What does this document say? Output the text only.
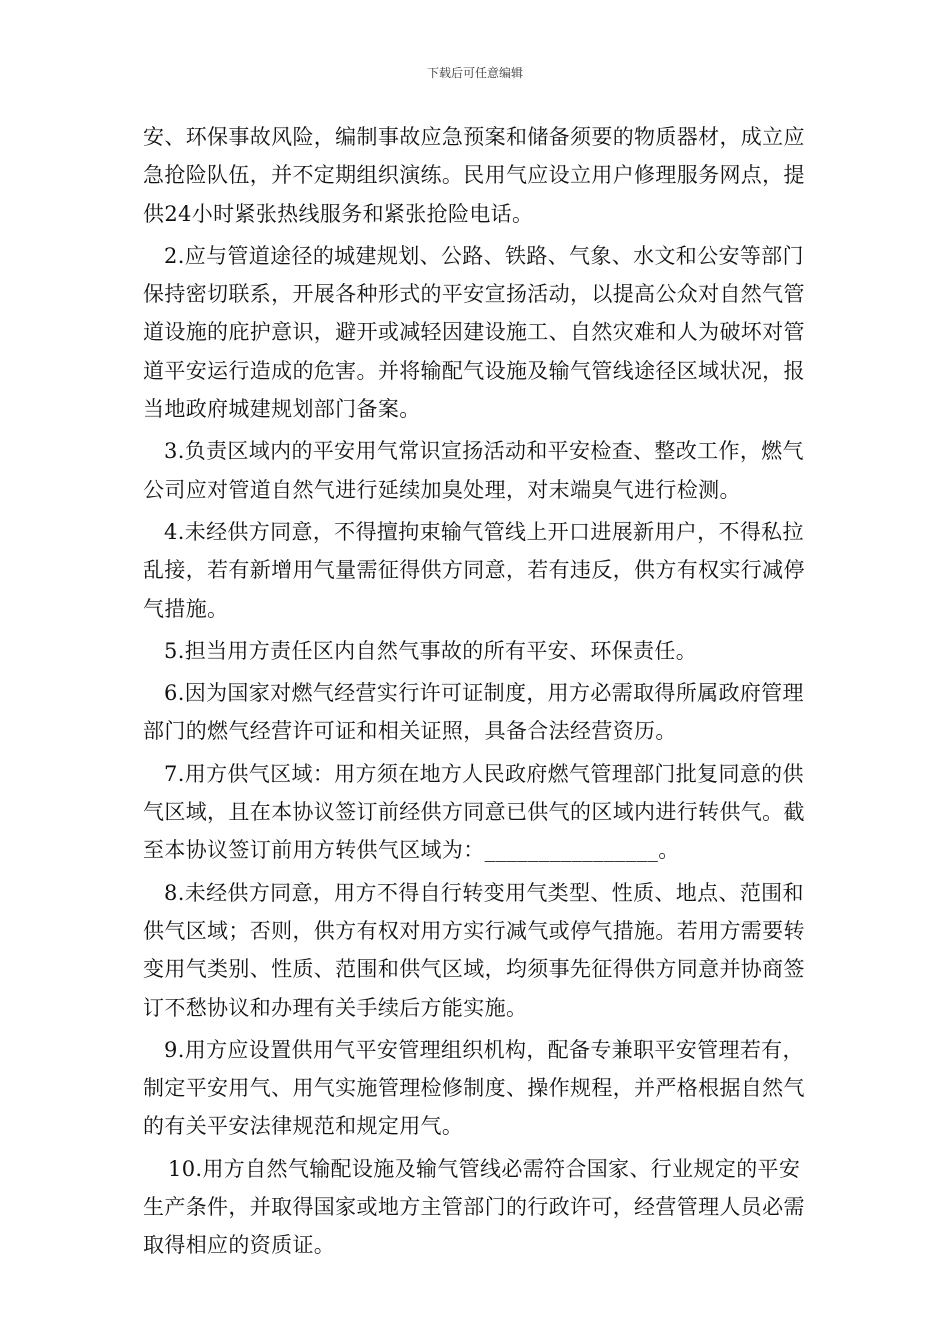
下载后可任意编辑

安、环保事故风险，编制事故应急预案和储备须要的物质器材，成立应急抢险队伍，并不定期组织演练。民用气应设立用户修理服务网点，提供24小时紧张热线服务和紧张抢险电话。

2.应与管道途径的城建规划、公路、铁路、气象、水文和公安等部门保持密切联系，开展各种形式的平安宣扬活动，以提高公众对自然气管道设施的庇护意识，避开或减轻因建设施工、自然灾难和人为破坏对管道平安运行造成的危害。并将输配气设施及输气管线途径区域状况，报当地政府城建规划部门备案。

3.负责区域内的平安用气常识宣扬活动和平安检查、整改工作，燃气公司应对管道自然气进行延续加臭处理，对末端臭气进行检测。

4.未经供方同意，不得擅拘束输气管线上开口进展新用户，不得私拉乱接，若有新增用气量需征得供方同意，若有违反，供方有权实行减停气措施。

5.担当用方责任区内自然气事故的所有平安、环保责任。

6.因为国家对燃气经营实行许可证制度，用方必需取得所属政府管理部门的燃气经营许可证和相关证照，具备合法经营资历。

7.用方供气区域：用方须在地方人民政府燃气管理部门批复同意的供气区域，且在本协议签订前经供方同意已供气的区域内进行转供气。截至本协议签订前用方转供气区域为：________________。

8.未经供方同意，用方不得自行转变用气类型、性质、地点、范围和供气区域；否则，供方有权对用方实行减气或停气措施。若用方需要转变用气类别、性质、范围和供气区域，均须事先征得供方同意并协商签订不愁协议和办理有关手续后方能实施。

9.用方应设置供用气平安管理组织机构，配备专兼职平安管理若有，制定平安用气、用气实施管理检修制度、操作规程，并严格根据自然气的有关平安法律规范和规定用气。

10.用方自然气输配设施及输气管线必需符合国家、行业规定的平安生产条件，并取得国家或地方主管部门的行政许可，经营管理人员必需取得相应的资质证。
